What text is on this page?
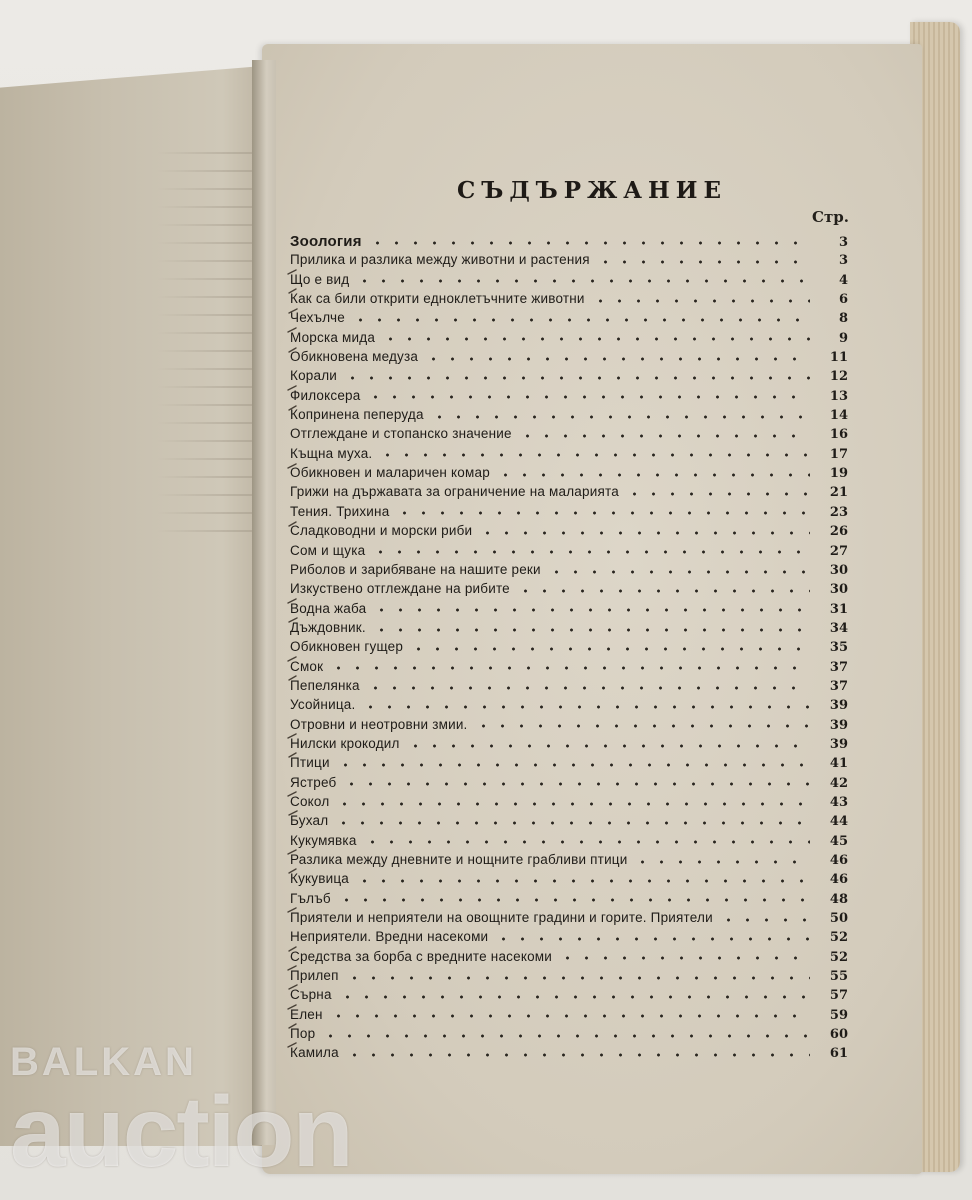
СЪДЪРЖАНИЕ
Стр.
Зоология	3
Прилика и разлика между животни и растения	3
Що е вид	4
Как са били открити едноклетъчните животни	6
Чехълче	8
Морска мида	9
Обикновена медуза	11
Корали	12
Филоксера	13
Копринена пеперуда	14
Отглеждане и стопанско значение	16
Къщна муха.	17
Обикновен и маларичен комар	19
Грижи на държавата за ограничение на маларията	21
Тения. Трихина	23
Сладководни и морски риби	26
Сом и щука	27
Риболов и зарибяване на нашите реки	30
Изкуствено отглеждане на рибите	30
Водна жаба	31
Дъждовник.	34
Обикновен гущер	35
Смок	37
Пепелянка	37
Усойница.	39
Отровни и неотровни змии.	39
Нилски крокодил	39
Птици	41
Ястреб	42
Сокол	43
Бухал	44
Кукумявка	45
Разлика между дневните и нощните грабливи птици	46
Кукувица	46
Гълъб	48
Приятели и неприятели на овощните градини и горите. Приятели	50
Неприятели. Вредни насекоми	52
Средства за борба с вредните насекоми	52
Прилеп	55
Сърна	57
Елен	59
Пор	60
Камила	61
BALKAN
auction
